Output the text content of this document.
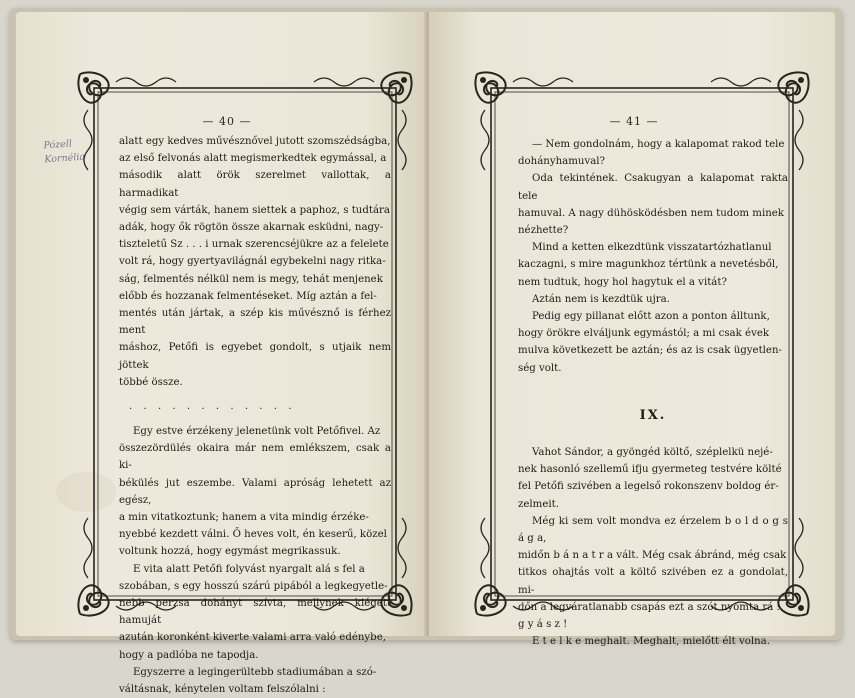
Pózell
Kornélia
— 40 —

alatt egy kedves művésznővel jutott szomszédságba,

az első felvonás alatt megismerkedtek egymással, a

második alatt örök szerelmet vallottak, a harmadikat

végig sem várták, hanem siettek a paphoz, s tudtára

adák, hogy ők rögtön össze akarnak esküdni, nagy-

tiszteletű Sz . . . i urnak szerencséjükre az a felelete

volt rá, hogy gyertyavilágnál egybekelni nagy ritka-

ság, felmentés nélkül nem is megy, tehát menjenek

előbb és hozzanak felmentéseket. Míg aztán a fel-

mentés után jártak, a szép kis művésznő is férhez ment

máshoz, Petőfi is egyebet gondolt, s utjaik nem jöttek

többé össze.

. . . . . . . . . . . .

Egy estve érzékeny jelenetünk volt Petőfivel. Az

összezördülés okaira már nem emlékszem, csak a ki-

békülés jut eszembe. Valami apróság lehetett az egész,

a min vitatkoztunk; hanem a vita mindig érzéke-

nyebbé kezdett válni. Ő heves volt, én keserű, közel

voltunk hozzá, hogy egymást megrikassuk.

E vita alatt Petőfi folyvást nyargalt alá s fel a

szobában, s egy hosszú szárú pipából a legkegyetle-

nebb perzsa dohányt szívta, mellynek kiégett hamuját

azután koronként kiverte valami arra való edénybe,

hogy a padlóba ne tapodja.

Egyszerre a legingerültebb stadiumában a szó-

váltásnak, kénytelen voltam felszólalni :

— 41 —

— Nem gondolnám, hogy a kalapomat rakod tele

dohányhamuval?

Oda tekintének. Csakugyan a kalapomat rakta tele

hamuval. A nagy dühösködésben nem tudom minek

nézhette?

Mind a ketten elkezdtünk visszatartózhatlanul

kaczagni, s mire magunkhoz tértünk a nevetésből,

nem tudtuk, hogy hol hagytuk el a vitát?

Aztán nem is kezdtük ujra.

Pedig egy pillanat előtt azon a ponton álltunk,

hogy örökre elváljunk egymástól; a mi csak évek

mulva következett be aztán; és az is csak ügyetlen-

ség volt.

IX.

Vahot Sándor, a gyöngéd költő, széplelkü nejé-

nek hasonló szellemű ifju gyermeteg testvére költé

fel Petőfi szivében a legelső rokonszenv boldog ér-

zelmeit.

Még ki sem volt mondva ez érzelem b o l d o g s á g a,

midőn b á n a t r a vált. Még csak ábránd, még csak

titkos ohajtás volt a költő szivében ez a gondolat, mi-

dőn a legváratlanabb csapás ezt a szót nyomta rá :

g y á s z !

E t e l k e meghalt. Meghalt, mielőtt élt volna.
